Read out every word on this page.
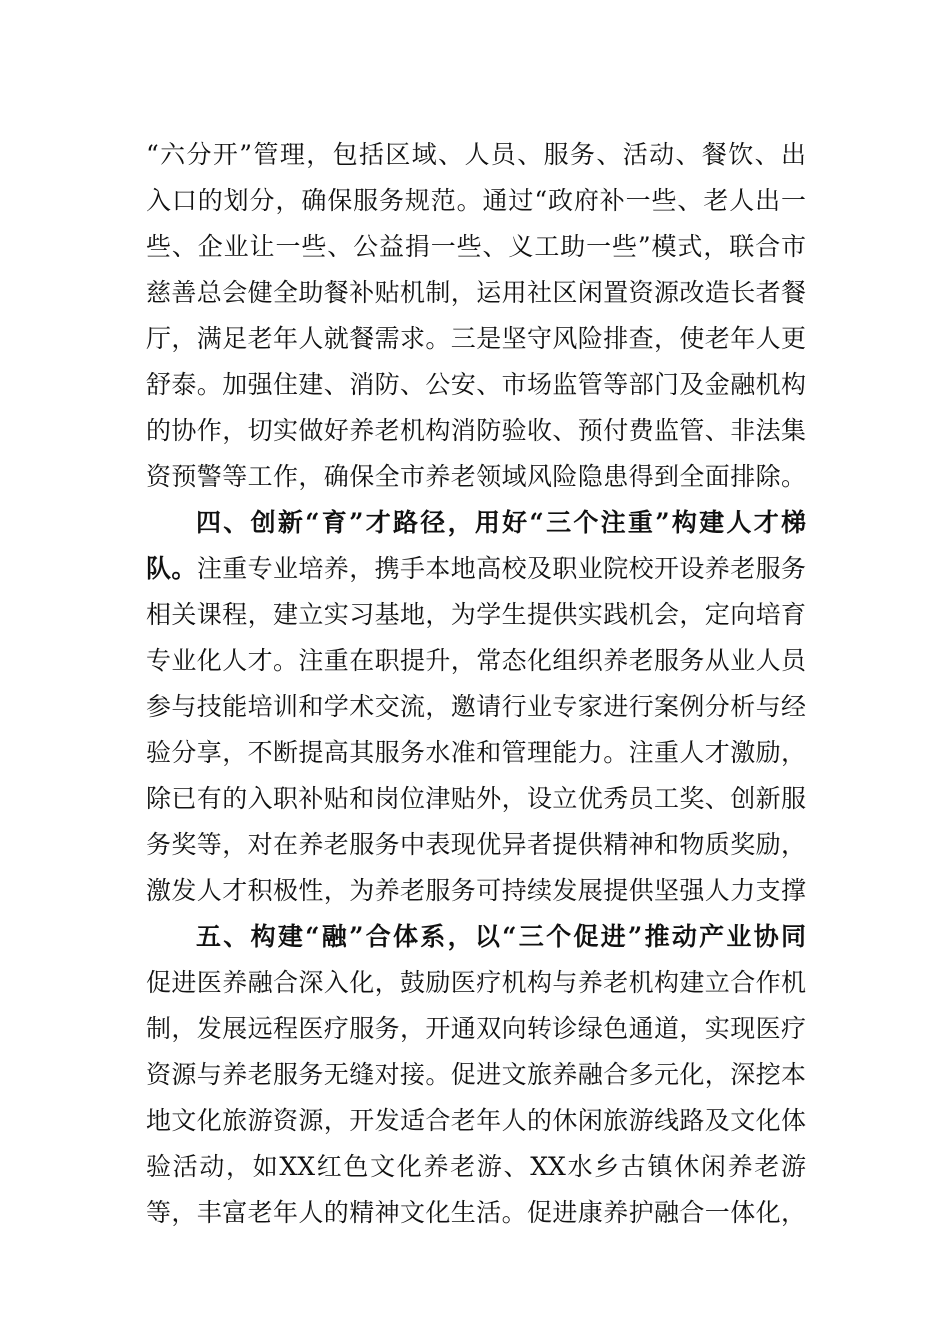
“六分开”管理，包括区域、人员、服务、活动、餐饮、出
入口的划分，确保服务规范。通过“政府补一些、老人出一
些、企业让一些、公益捐一些、义工助一些”模式，联合市
慈善总会健全助餐补贴机制，运用社区闲置资源改造长者餐
厅，满足老年人就餐需求。三是坚守风险排查，使老年人更
舒泰。加强住建、消防、公安、市场监管等部门及金融机构
的协作，切实做好养老机构消防验收、预付费监管、非法集
资预警等工作，确保全市养老领域风险隐患得到全面排除。
四、创新“育”才路径，用好“三个注重”构建人才梯
队。注重专业培养，携手本地高校及职业院校开设养老服务
相关课程，建立实习基地，为学生提供实践机会，定向培育
专业化人才。注重在职提升，常态化组织养老服务从业人员
参与技能培训和学术交流，邀请行业专家进行案例分析与经
验分享，不断提高其服务水准和管理能力。注重人才激励，
除已有的入职补贴和岗位津贴外，设立优秀员工奖、创新服
务奖等，对在养老服务中表现优异者提供精神和物质奖励，
激发人才积极性，为养老服务可持续发展提供坚强人力支撑
五、构建“融”合体系，以“三个促进”推动产业协同
促进医养融合深入化，鼓励医疗机构与养老机构建立合作机
制，发展远程医疗服务，开通双向转诊绿色通道，实现医疗
资源与养老服务无缝对接。促进文旅养融合多元化，深挖本
地文化旅游资源，开发适合老年人的休闲旅游线路及文化体
验活动，如XX红色文化养老游、XX水乡古镇休闲养老游
等，丰富老年人的精神文化生活。促进康养护融合一体化，
